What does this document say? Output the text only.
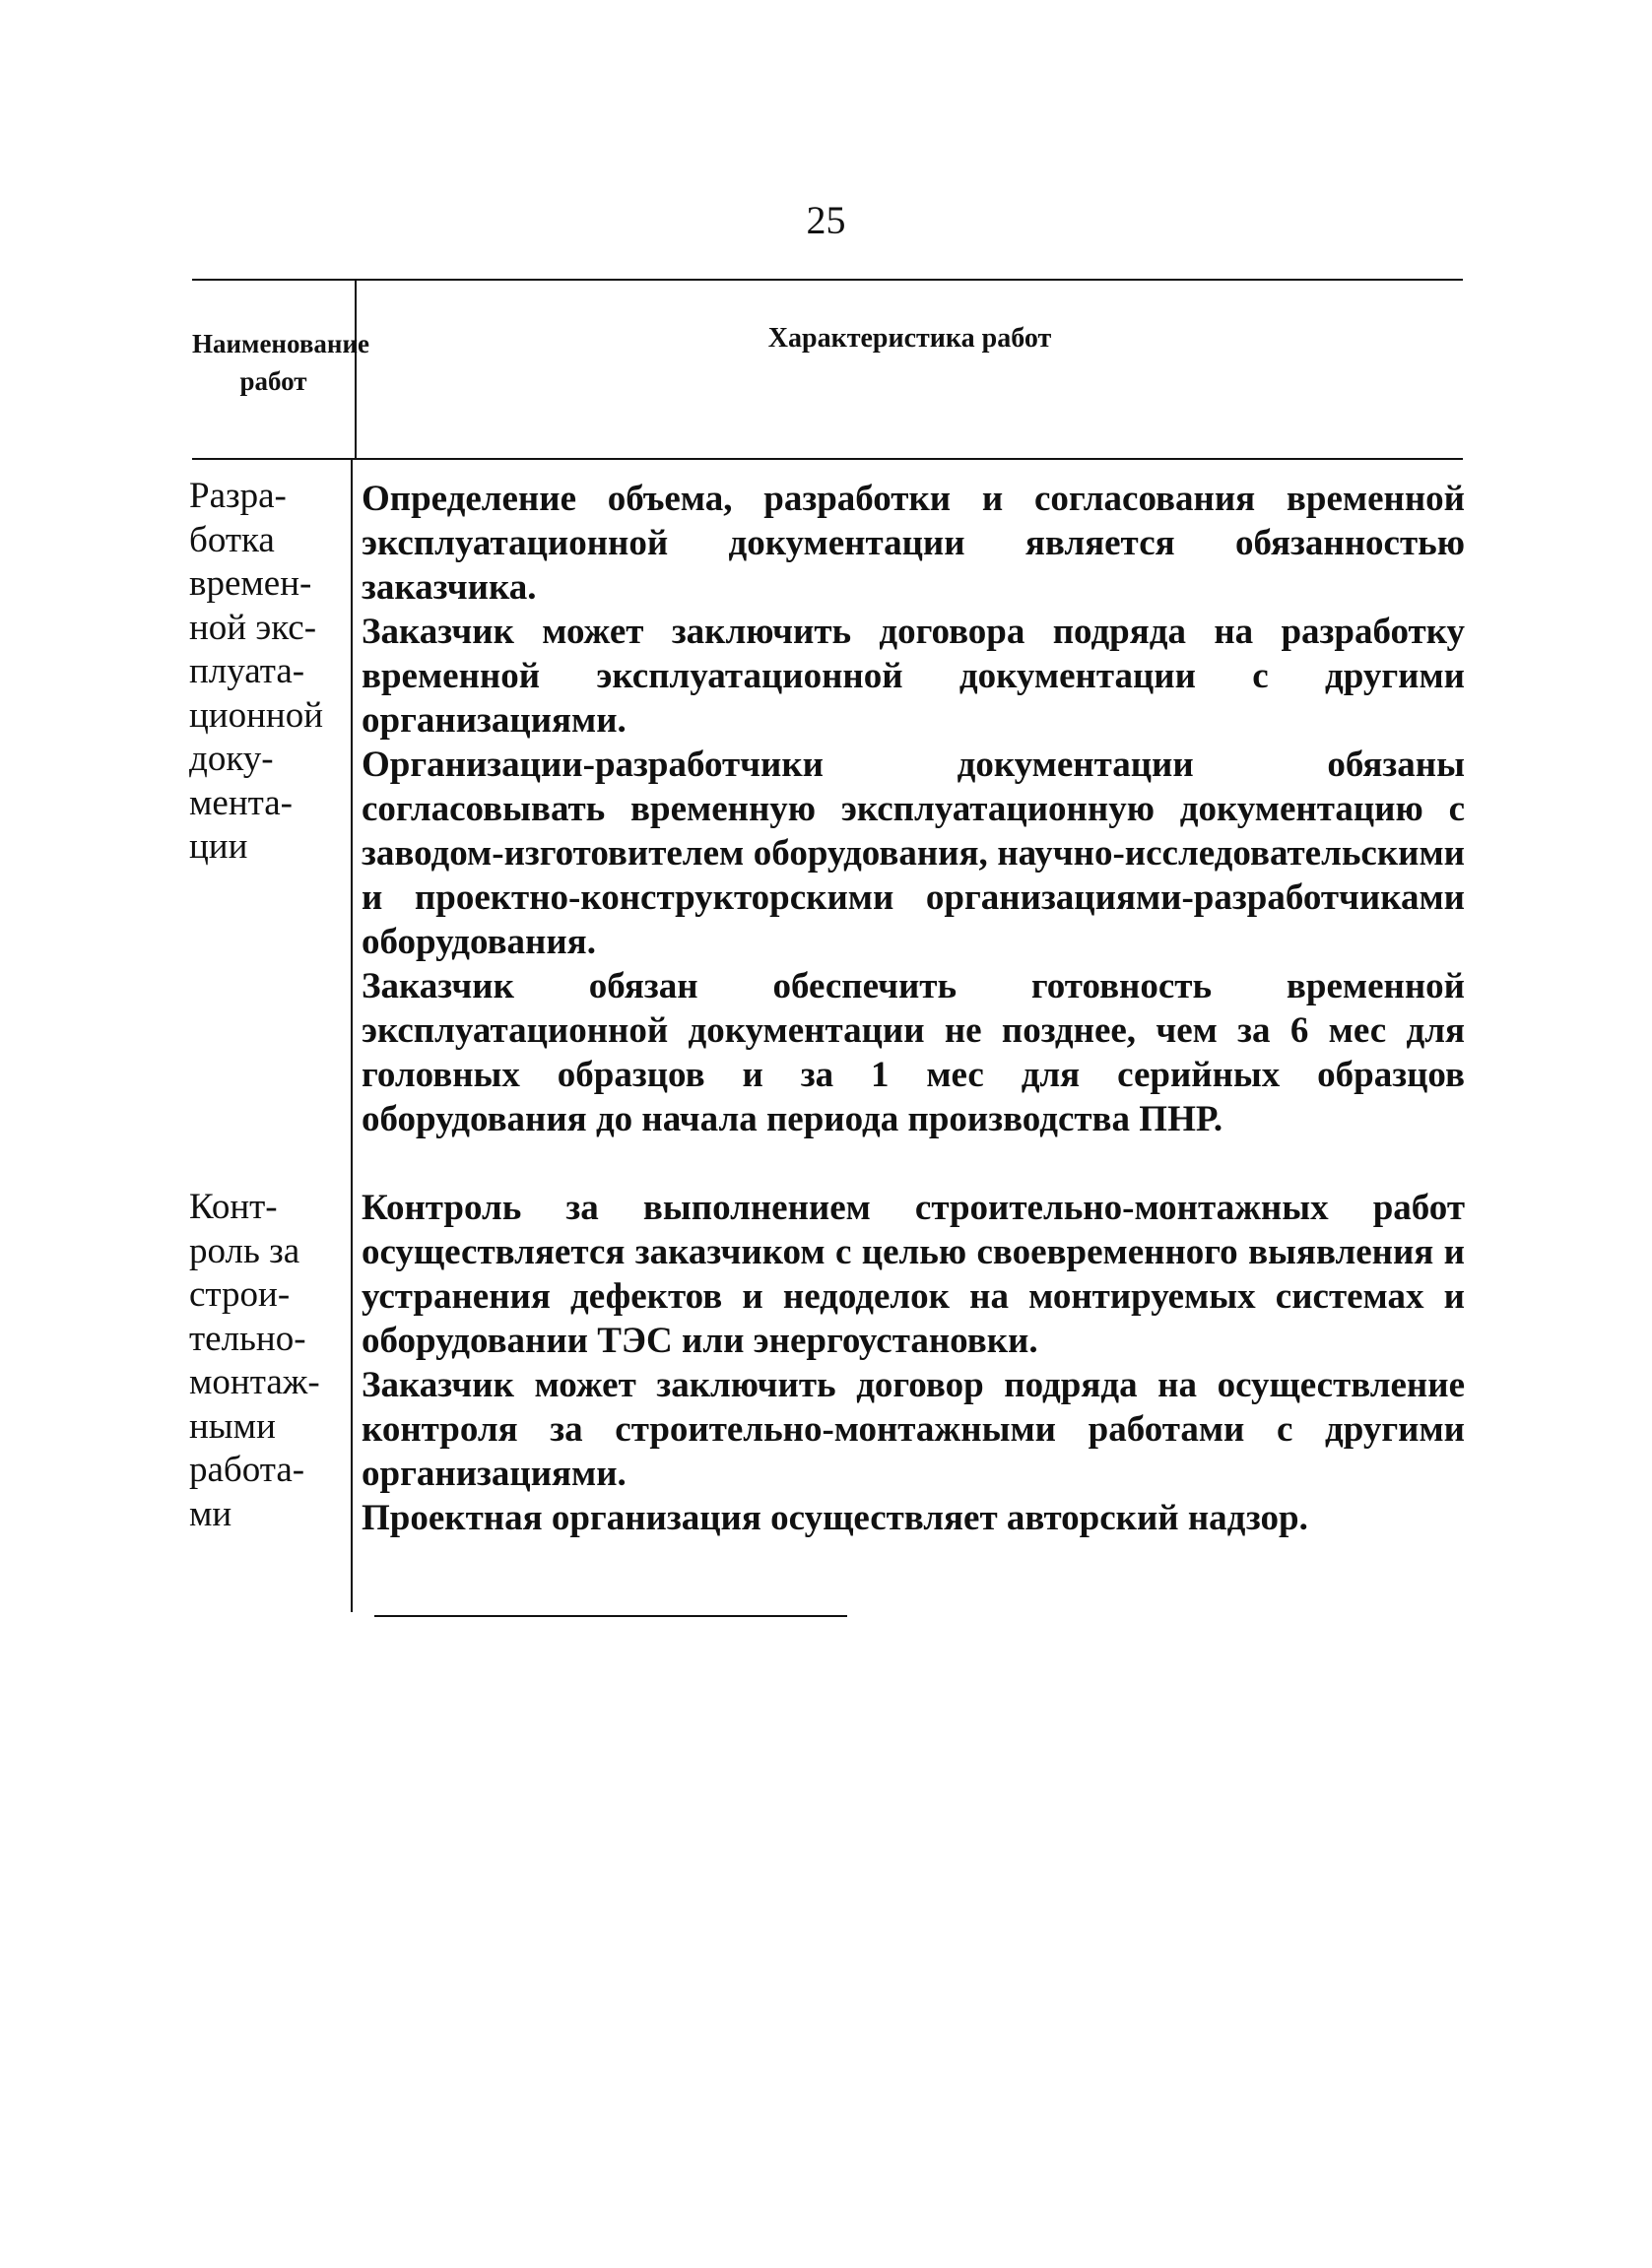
25
Наименование работ
Характеристика работ
Разра-
ботка
времен-
ной экс-
плуата-
ционной
доку-
мента-
ции
Определение объема, разработки и согласования временной эксплуатационной документации является обязанностью заказчика.
Заказчик может заключить договора подряда на разработку временной эксплуатационной документации с другими организациями.
Организации-разработчики документации обязаны согласовывать временную эксплуатационную документацию с заводом-изготовителем оборудования, научно-исследовательскими и проектно-конструкторскими организациями-разработчиками оборудования.
Заказчик обязан обеспечить готовность временной эксплуатационной документации не позднее, чем за 6 мес для головных образцов и за 1 мес для серийных образцов оборудования до начала периода производства ПНР.
Конт-
роль за
строи-
тельно-
монтаж-
ными
работа-
ми
Контроль за выполнением строительно-монтажных работ осуществляется заказчиком с целью своевременного выявления и устранения дефектов и недоделок на монтируемых системах и оборудовании ТЭС или энергоустановки.
Заказчик может заключить договор подряда на осуществление контроля за строительно-монтажными работами с другими организациями.
Проектная организация осуществляет авторский надзор.
